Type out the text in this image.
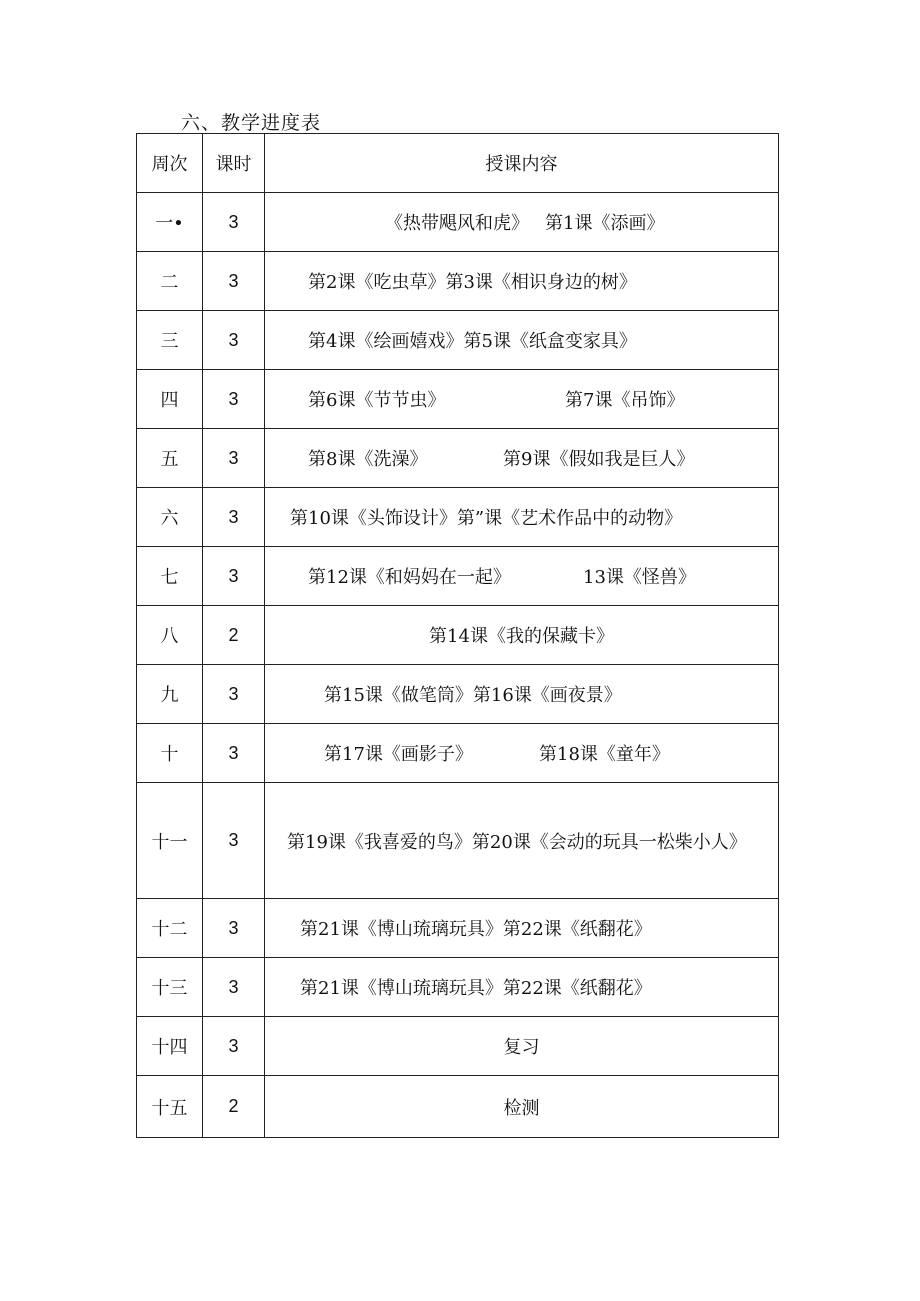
六、教学进度表
周次	课时	授课内容
一•	3	《热带飓风和虎》 第1课《添画》

二	3	第2课《吃虫草》第3课《相识身边的树》

三	3	第4课《绘画嬉戏》第5课《纸盒变家具》

四	3	第6课《节节虫》 第7课《吊饰》

五	3	第8课《洗澡》 第9课《假如我是巨人》

六	3	第10课《头饰设计》第”课《艺术作品中的动物》

七	3	第12课《和妈妈在一起》 13课《怪兽》

八	2	第14课《我的保藏卡》
九	3	第15课《做笔筒》第16课《画夜景》

十	3	第17课《画影子》 第18课《童年》

十一	3	第19课《我喜爱的鸟》第20课《会动的玩具一松柴小人》

十二	3	第21课《博山琉璃玩具》第22课《纸翻花》

十三	3	第21课《博山琉璃玩具》第22课《纸翻花》

十四	3	复习
十五	2	检测
